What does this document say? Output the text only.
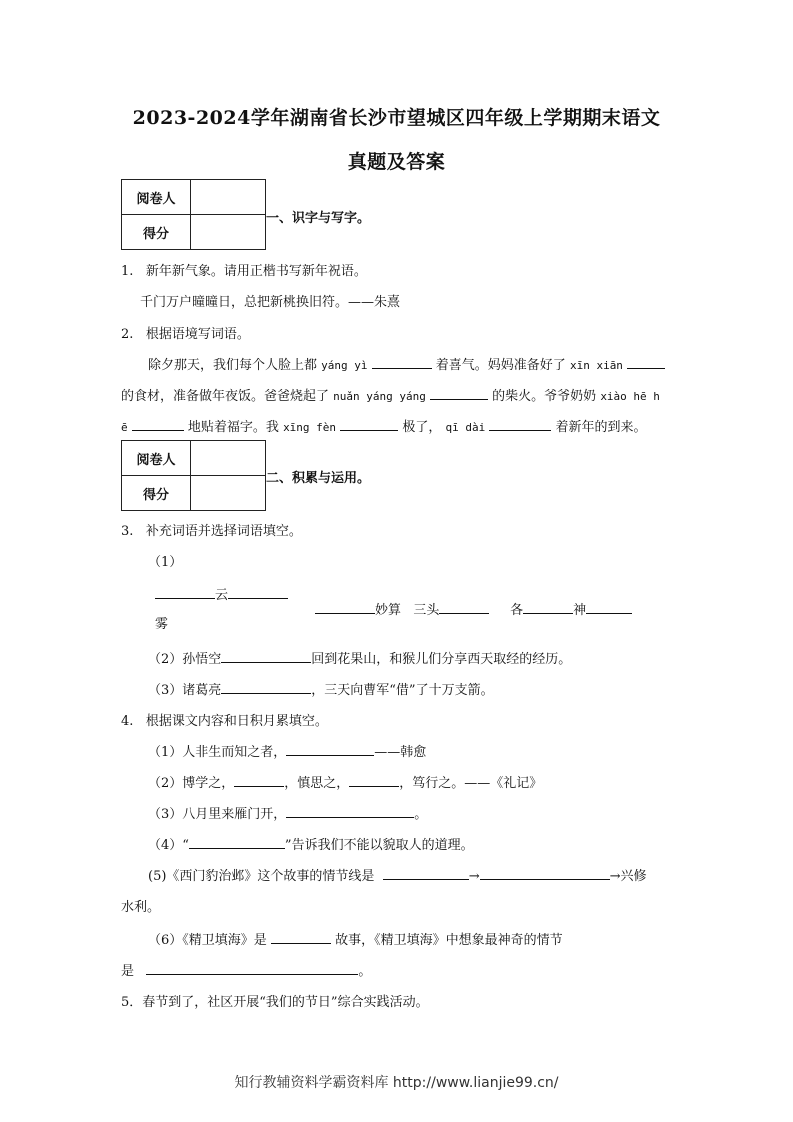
2023-2024学年湖南省长沙市望城区四年级上学期期末语文
真题及答案
阅卷人	
得分	
一、识字与写字。
1. 新年新气象。请用正楷书写新年祝语。
千门万户曈曈日，总把新桃换旧符。——朱熹
2. 根据语境写词语。
除夕那天，我们每个人脸上都 yáng yì	着喜气。妈妈准备好了 xīn xiān
的食材，准备做年夜饭。爸爸烧起了 nuǎn yáng yáng	的柴火。爷爷奶奶 xiào hē h
ē	地贴着福字。我 xīng fèn	极了， qī dài	着新年的到来。
阅卷人	
得分	
二、积累与运用。
3. 补充词语并选择词语填空。
（1）
云
雾
妙算 三头	各	神
（2）孙悟空	回到花果山，和猴儿们分享西天取经的经历。
（3）诸葛亮	，三天向曹军“借”了十万支箭。
4. 根据课文内容和日积月累填空。
（1）人非生而知之者，	——韩愈
（2）博学之，	，慎思之，	，笃行之。——《礼记》
（3）八月里来雁门开，	。
（4）“	”告诉我们不能以貌取人的道理。
(5)《西门豹治邺》这个故事的情节线是	→	→兴修
水利。
（6）《精卫填海》是	故事，《精卫填海》中想象最神奇的情节
是	。
5．春节到了，社区开展“我们的节日”综合实践活动。
知行教辅资料学霸资料库 http://www.lianjie99.cn/
